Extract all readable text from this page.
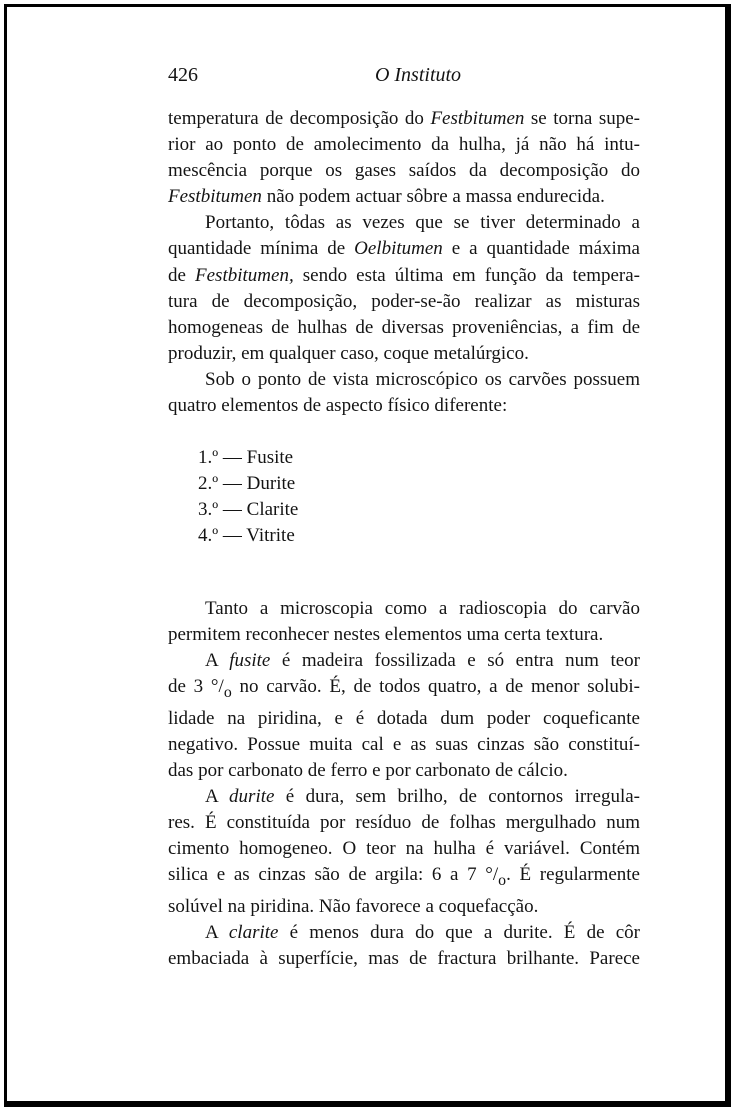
426	O Instituto

temperatura de decomposição do Festbitumen se torna supe-

rior ao ponto de amolecimento da hulha, já não há intu-

mescência porque os gases saídos da decomposição do

Festbitumen não podem actuar sôbre a massa endurecida.

Portanto, tôdas as vezes que se tiver determinado a

quantidade mínima de Oelbitumen e a quantidade máxima

de Festbitumen, sendo esta última em função da tempera-

tura de decomposição, poder-se-ão realizar as misturas

homogeneas de hulhas de diversas proveniências, a fim de

produzir, em qualquer caso, coque metalúrgico.

Sob o ponto de vista microscópico os carvões possuem

quatro elementos de aspecto físico diferente:

1.º — Fusite
2.º — Durite
3.º — Clarite
4.º — Vitrite

Tanto a microscopia como a radioscopia do carvão

permitem reconhecer nestes elementos uma certa textura.

A fusite é madeira fossilizada e só entra num teor

de 3 $^\circ/_o$ no carvão. É, de todos quatro, a de menor solubi-

lidade na piridina, e é dotada dum poder coqueficante

negativo. Possue muita cal e as suas cinzas são constituí-

das por carbonato de ferro e por carbonato de cálcio.

A durite é dura, sem brilho, de contornos irregula-

res. É constituída por resíduo de folhas mergulhado num

cimento homogeneo. O teor na hulha é variável. Contém

silica e as cinzas são de argila: 6 a 7 $^\circ/_o$. É regularmente

solúvel na piridina. Não favorece a coquefacção.

A clarite é menos dura do que a durite. É de côr

embaciada à superfície, mas de fractura brilhante. Parece
